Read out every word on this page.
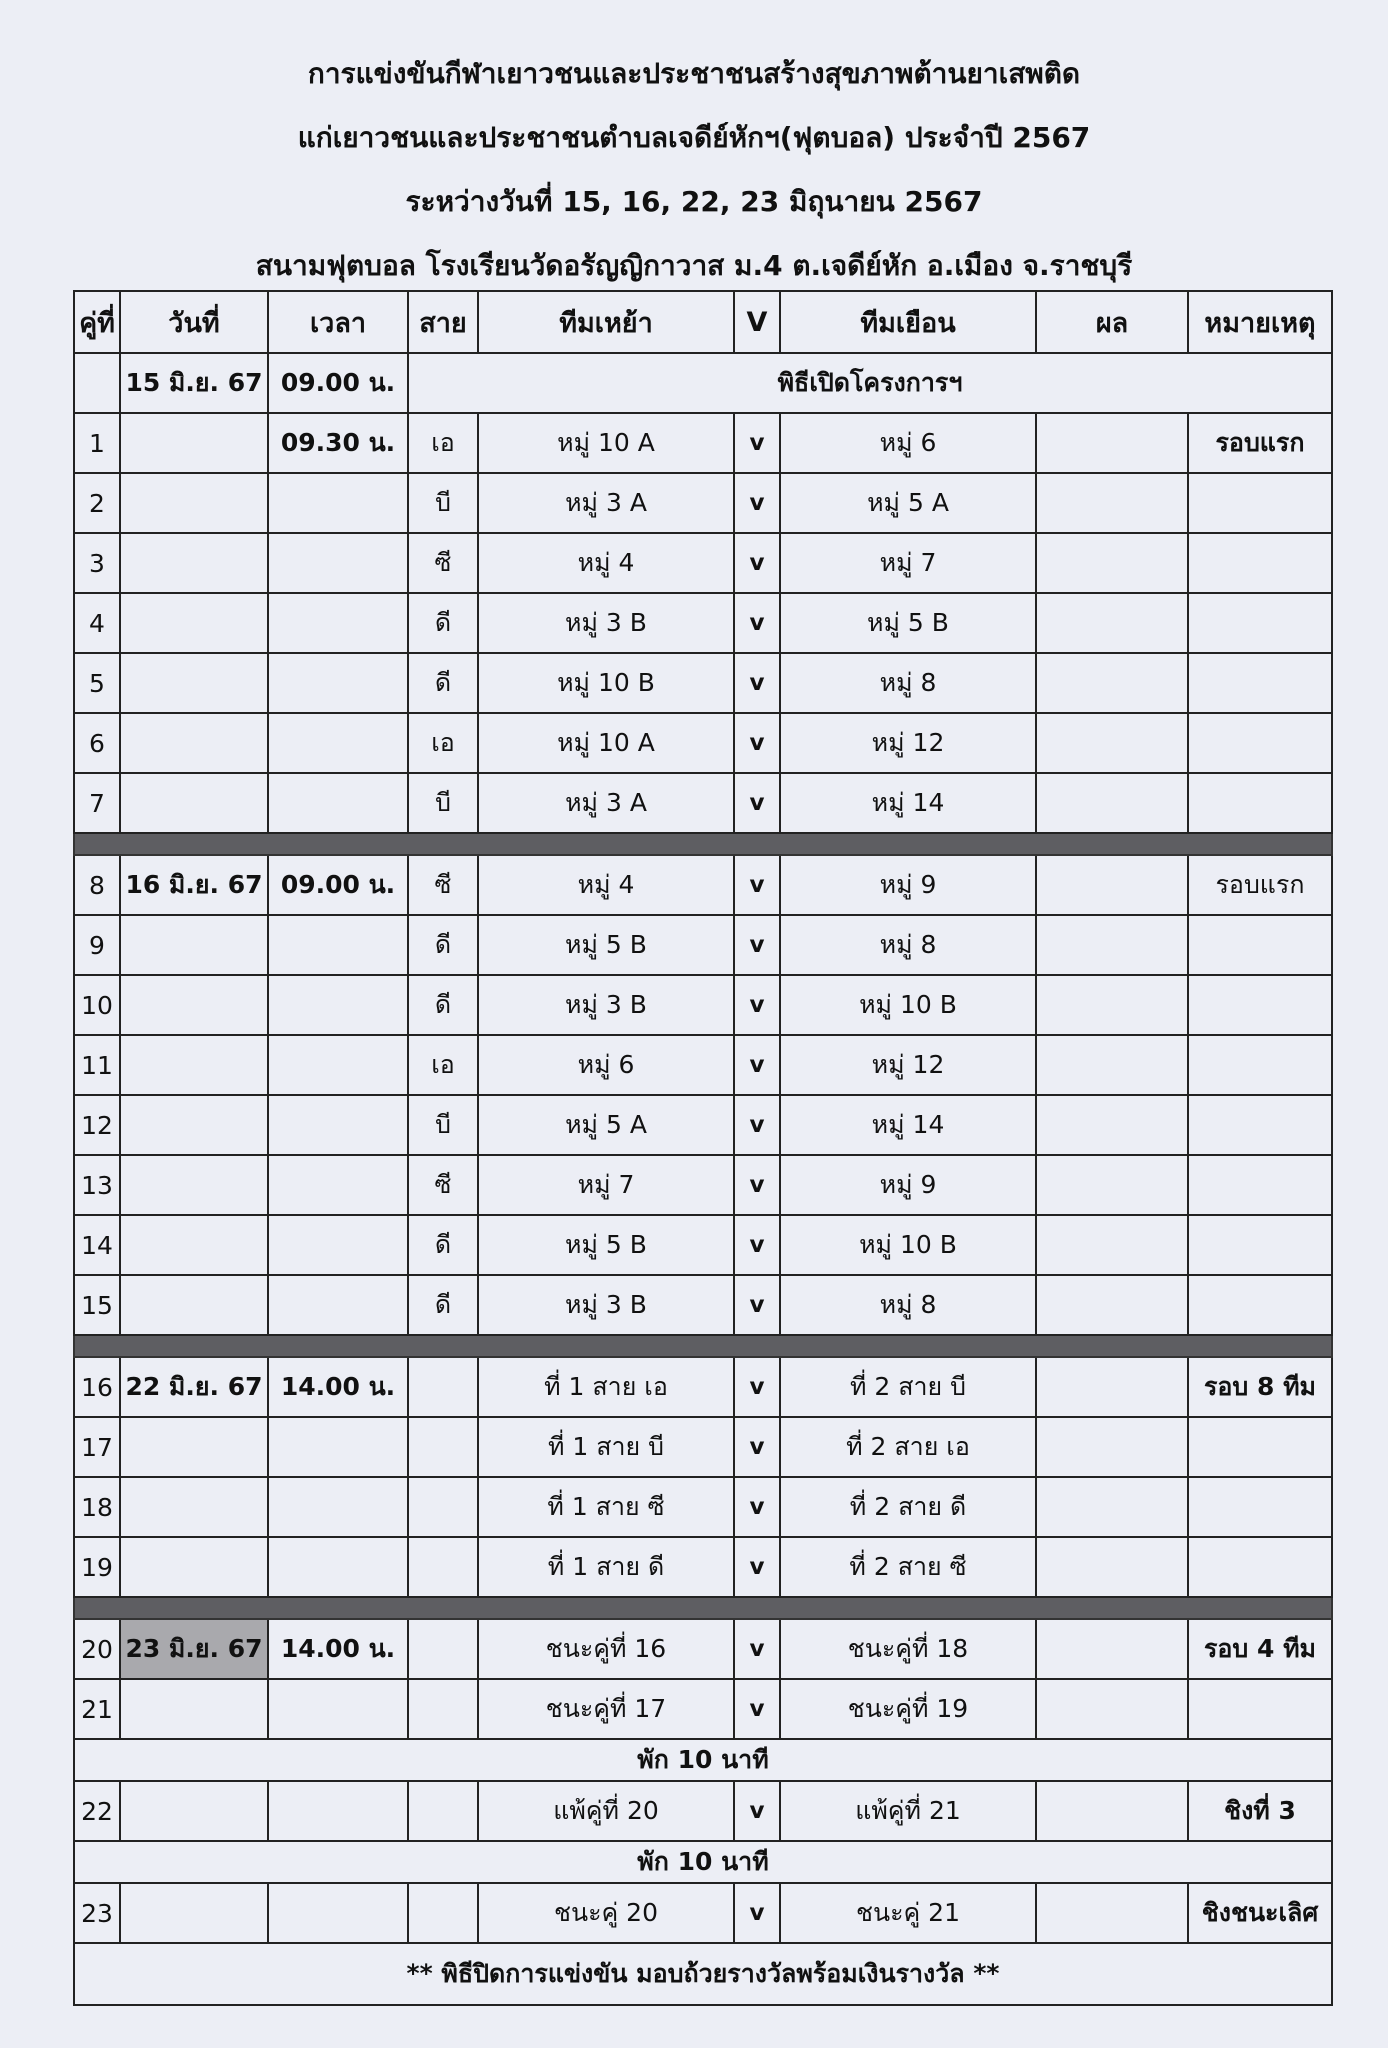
การแข่งขันกีฬาเยาวชนและประชาชนสร้างสุขภาพต้านยาเสพติด
แก่เยาวชนและประชาชนตำบลเจดีย์หักฯ(ฟุตบอล) ประจำปี 2567
ระหว่างวันที่ 15, 16, 22, 23 มิถุนายน 2567
สนามฟุตบอล โรงเรียนวัดอรัญญิกาวาส ม.4 ต.เจดีย์หัก อ.เมือง จ.ราชบุรี
คู่ที่	วันที่	เวลา	สาย	ทีมเหย้า	V	ทีมเยือน	ผล	หมายเหตุ
	15 มิ.ย. 67	09.00 น.	พิธีเปิดโครงการฯ					
1		09.30 น.	เอ	หมู่ 10 A	v	หมู่ 6		รอบแรก
2			บี	หมู่ 3 A	v	หมู่ 5 A		
3			ซี	หมู่ 4	v	หมู่ 7		
4			ดี	หมู่ 3 B	v	หมู่ 5 B		
5			ดี	หมู่ 10 B	v	หมู่ 8		
6			เอ	หมู่ 10 A	v	หมู่ 12		
7			บี	หมู่ 3 A	v	หมู่ 14		

8	16 มิ.ย. 67	09.00 น.	ซี	หมู่ 4	v	หมู่ 9		รอบแรก
9			ดี	หมู่ 5 B	v	หมู่ 8		
10			ดี	หมู่ 3 B	v	หมู่ 10 B		
11			เอ	หมู่ 6	v	หมู่ 12		
12			บี	หมู่ 5 A	v	หมู่ 14		
13			ซี	หมู่ 7	v	หมู่ 9		
14			ดี	หมู่ 5 B	v	หมู่ 10 B		
15			ดี	หมู่ 3 B	v	หมู่ 8		

16	22 มิ.ย. 67	14.00 น.		ที่ 1 สาย เอ	v	ที่ 2 สาย บี		รอบ 8 ทีม
17				ที่ 1 สาย บี	v	ที่ 2 สาย เอ		
18				ที่ 1 สาย ซี	v	ที่ 2 สาย ดี		
19				ที่ 1 สาย ดี	v	ที่ 2 สาย ซี		

20	23 มิ.ย. 67	14.00 น.		ชนะคู่ที่ 16	v	ชนะคู่ที่ 18		รอบ 4 ทีม
21				ชนะคู่ที่ 17	v	ชนะคู่ที่ 19		
พัก 10 นาที								
22				แพ้คู่ที่ 20	v	แพ้คู่ที่ 21		ชิงที่ 3
พัก 10 นาที								
23				ชนะคู่ 20	v	ชนะคู่ 21		ชิงชนะเลิศ
** พิธีปิดการแข่งขัน มอบถ้วยรางวัลพร้อมเงินรางวัล **								
